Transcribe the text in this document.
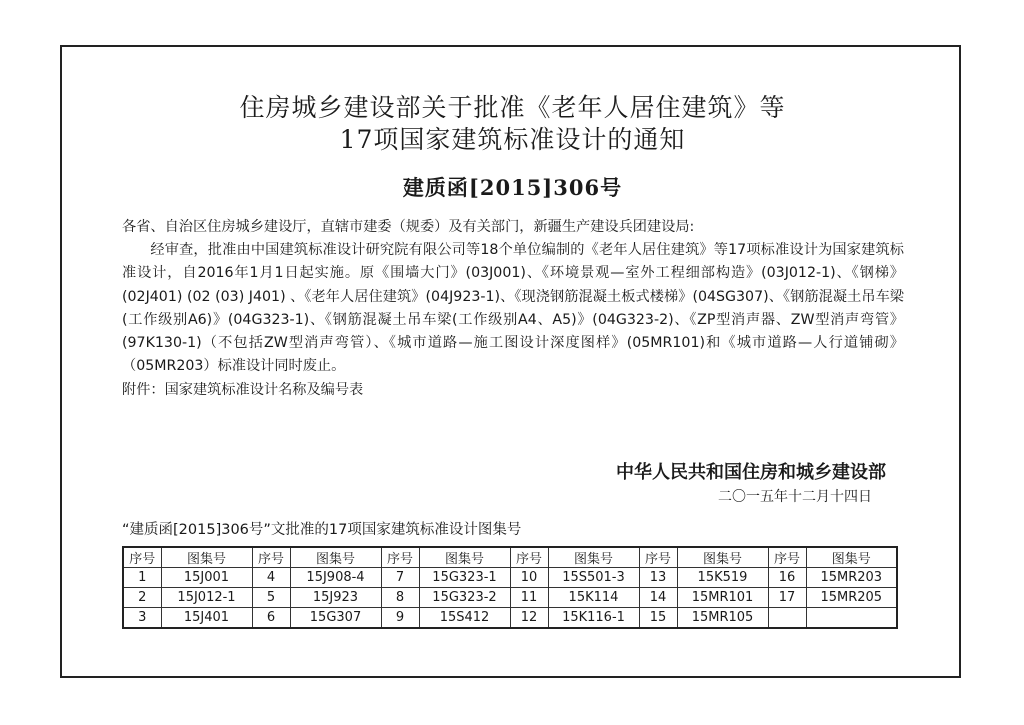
住房城乡建设部关于批准《老年人居住建筑》等
17项国家建筑标准设计的通知
建质函[2015]306号
各省、自治区住房城乡建设厅，直辖市建委（规委）及有关部门，新疆生产建设兵团建设局:
经审查，批准由中国建筑标准设计研究院有限公司等18个单位编制的《老年人居住建筑》等17项标准设计为国家建筑标准设计，自2016年1月1日起实施。原《围墙大门》(03J001)、《环境景观—室外工程细部构造》(03J012-1)、《钢梯》(02J401) (02 (03) J401) 、《老年人居住建筑》(04J923-1)、《现浇钢筋混凝土板式楼梯》(04SG307)、《钢筋混凝土吊车梁(工作级别A6)》(04G323-1)、《钢筋混凝土吊车梁(工作级别A4、A5)》(04G323-2)、《ZP型消声器、ZW型消声弯管》(97K130-1)（不包括ZW型消声弯管）、《城市道路—施工图设计深度图样》(05MR101)和《城市道路—人行道铺砌》（05MR203）标准设计同时废止。
附件：国家建筑标准设计名称及编号表
中华人民共和国住房和城乡建设部
二〇一五年十二月十四日
“建质函[2015]306号”文批准的17项国家建筑标准设计图集号
序号	图集号	序号	图集号	序号	图集号	序号	图集号	序号	图集号	序号	图集号
1	15J001	4	15J908-4	7	15G323-1	10	15S501-3	13	15K519	16	15MR203
2	15J012-1	5	15J923	8	15G323-2	11	15K114	14	15MR101	17	15MR205
3	15J401	6	15G307	9	15S412	12	15K116-1	15	15MR105		
